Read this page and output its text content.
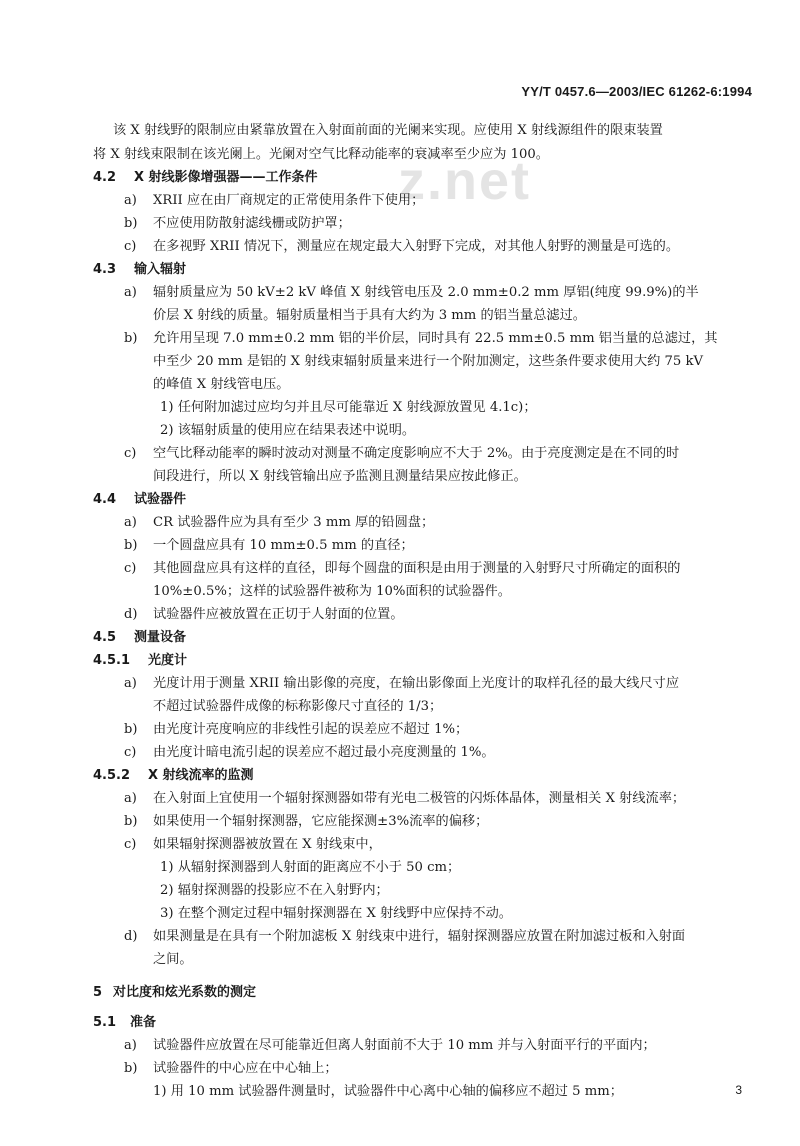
YY/T 0457.6—2003/IEC 61262-6:1994
z.net
该 X 射线野的限制应由紧靠放置在入射面前面的光阑来实现。应使用 X 射线源组件的限束装置
将 X 射线束限制在该光阑上。光阑对空气比释动能率的衰减率至少应为 100。
4.2 X 射线影像增强器——工作条件
a) XRII 应在由厂商规定的正常使用条件下使用；
b) 不应使用防散射滤线栅或防护罩；
c) 在多视野 XRII 情况下，测量应在规定最大入射野下完成，对其他人射野的测量是可选的。
4.3 输入辐射
a) 辐射质量应为 50 kV±2 kV 峰值 X 射线管电压及 2.0 mm±0.2 mm 厚铝(纯度 99.9%)的半
价层 X 射线的质量。辐射质量相当于具有大约为 3 mm 的铝当量总滤过。
b) 允许用呈现 7.0 mm±0.2 mm 铝的半价层，同时具有 22.5 mm±0.5 mm 铝当量的总滤过，其
中至少 20 mm 是铝的 X 射线束辐射质量来进行一个附加测定，这些条件要求使用大约 75 kV
的峰值 X 射线管电压。
1) 任何附加滤过应均匀并且尽可能靠近 X 射线源放置见 4.1c)；
2) 该辐射质量的使用应在结果表述中说明。
c) 空气比释动能率的瞬时波动对测量不确定度影响应不大于 2%。由于亮度测定是在不同的时
间段进行，所以 X 射线管输出应予监测且测量结果应按此修正。
4.4 试验器件
a) CR 试验器件应为具有至少 3 mm 厚的铅圆盘；
b) 一个圆盘应具有 10 mm±0.5 mm 的直径；
c) 其他圆盘应具有这样的直径，即每个圆盘的面积是由用于测量的入射野尺寸所确定的面积的
10%±0.5%；这样的试验器件被称为 10%面积的试验器件。
d) 试验器件应被放置在正切于人射面的位置。
4.5 测量设备
4.5.1 光度计
a) 光度计用于测量 XRII 输出影像的亮度，在输出影像面上光度计的取样孔径的最大线尺寸应
不超过试验器件成像的标称影像尺寸直径的 1/3；
b) 由光度计亮度响应的非线性引起的误差应不超过 1%；
c) 由光度计暗电流引起的误差应不超过最小亮度测量的 1%。
4.5.2 X 射线流率的监测
a) 在入射面上宜使用一个辐射探测器如带有光电二极管的闪烁体晶体，测量相关 X 射线流率；
b) 如果使用一个辐射探测器，它应能探测±3%流率的偏移；
c) 如果辐射探测器被放置在 X 射线束中，
1) 从辐射探测器到人射面的距离应不小于 50 cm；
2) 辐射探测器的投影应不在入射野内；
3) 在整个测定过程中辐射探测器在 X 射线野中应保持不动。
d) 如果测量是在具有一个附加滤板 X 射线束中进行，辐射探测器应放置在附加滤过板和入射面
之间。
5 对比度和炫光系数的测定
5.1 准备
a) 试验器件应放置在尽可能靠近但离人射面前不大于 10 mm 并与入射面平行的平面内；
b) 试验器件的中心应在中心轴上；
1) 用 10 mm 试验器件测量时，试验器件中心离中心轴的偏移应不超过 5 mm；	3
